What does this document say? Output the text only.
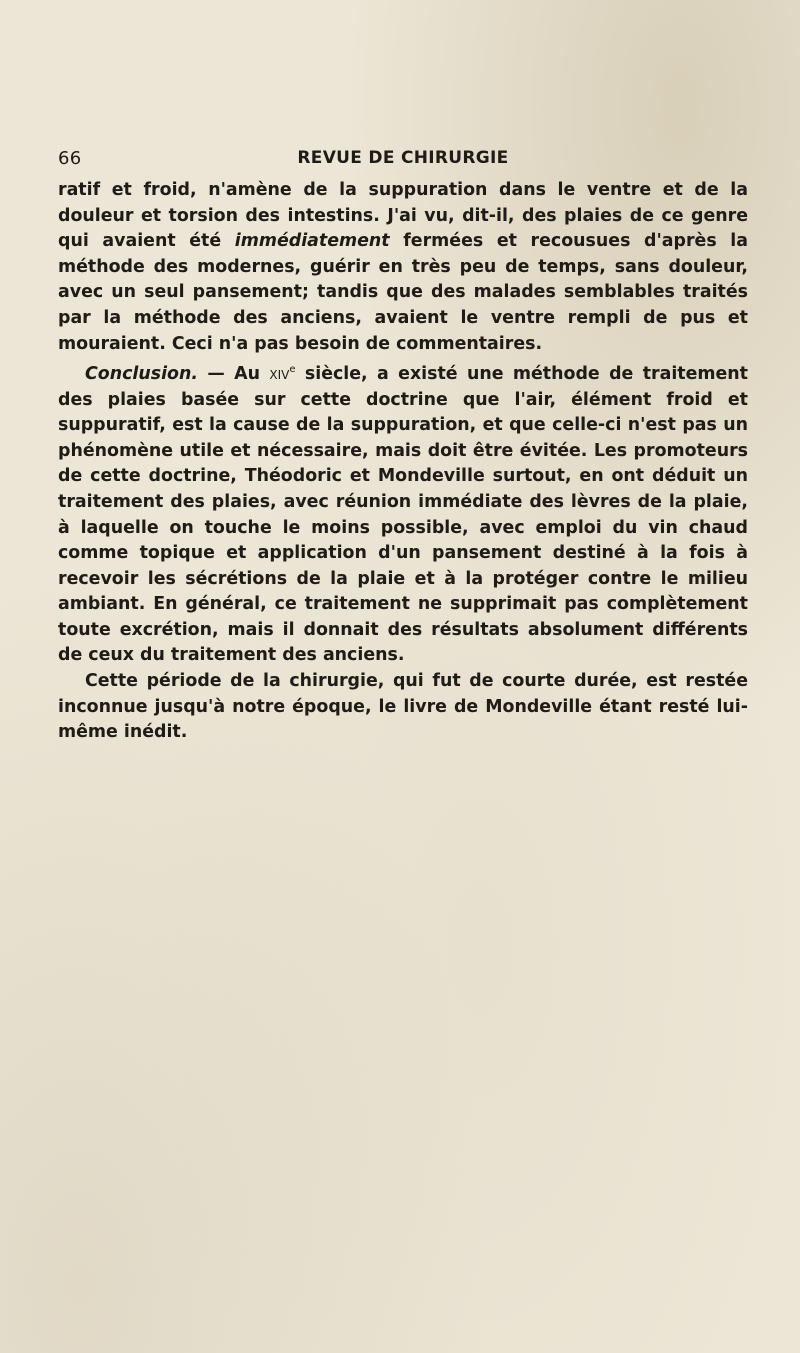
66	REVUE DE CHIRURGIE

ratif et froid, n'amène de la suppuration dans le ventre et de la douleur et torsion des intestins. J'ai vu, dit-il, des plaies de ce genre qui avaient été immédiatement fermées et recousues d'après la méthode des modernes, guérir en très peu de temps, sans douleur, avec un seul pansement; tandis que des malades semblables traités par la méthode des anciens, avaient le ventre rempli de pus et mouraient. Ceci n'a pas besoin de commentaires.

Conclusion. — Au xiv$^e$ siècle, a existé une méthode de traitement des plaies basée sur cette doctrine que l'air, élément froid et suppuratif, est la cause de la suppuration, et que celle-ci n'est pas un phénomène utile et nécessaire, mais doit être évitée. Les promoteurs de cette doctrine, Théodoric et Mondeville surtout, en ont déduit un traitement des plaies, avec réunion immédiate des lèvres de la plaie, à laquelle on touche le moins possible, avec emploi du vin chaud comme topique et application d'un pansement destiné à la fois à recevoir les sécrétions de la plaie et à la protéger contre le milieu ambiant. En général, ce traitement ne supprimait pas complètement toute excrétion, mais il donnait des résultats absolument différents de ceux du traitement des anciens.

Cette période de la chirurgie, qui fut de courte durée, est restée inconnue jusqu'à notre époque, le livre de Mondeville étant resté lui-même inédit.
